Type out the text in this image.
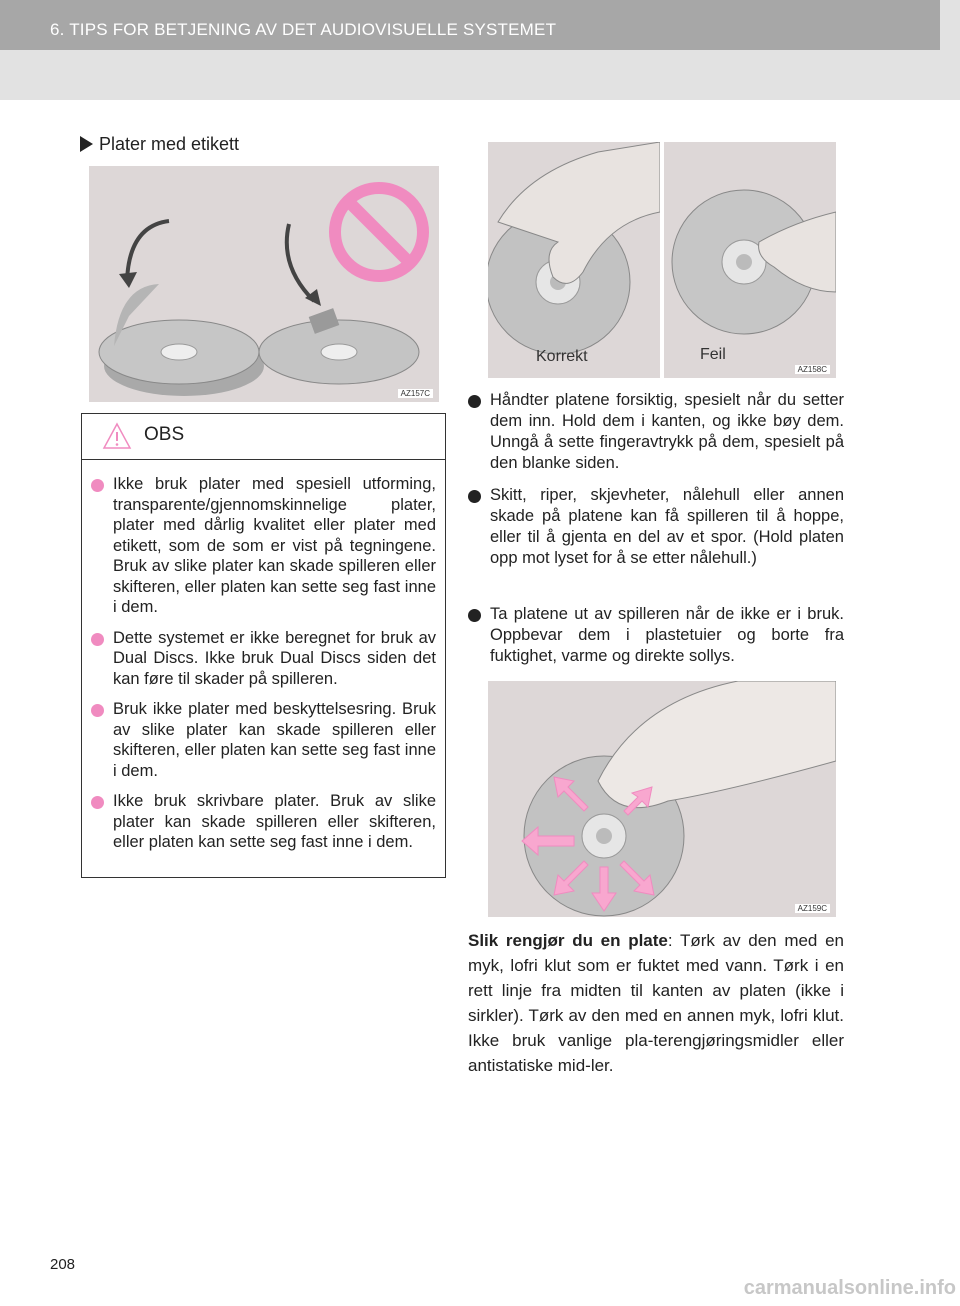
6. TIPS FOR BETJENING AV DET AUDIOVISUELLE SYSTEMET
Plater med etikett
AZ157C
OBS
Ikke bruk plater med spesiell utforming, transparente/gjennomskinnelige plater, plater med dårlig kvalitet eller plater med etikett, som de som er vist på tegningene. Bruk av slike plater kan skade spilleren eller skifteren, eller platen kan sette seg fast inne i dem.
Dette systemet er ikke beregnet for bruk av Dual Discs. Ikke bruk Dual Discs siden det kan føre til skader på spilleren.
Bruk ikke plater med beskyttelsesring. Bruk av slike plater kan skade spilleren eller skifteren, eller platen kan sette seg fast inne i dem.
Ikke bruk skrivbare plater. Bruk av slike plater kan skade spilleren eller skifteren, eller platen kan sette seg fast inne i dem.
Korrekt	Feil
AZ158C
Håndter platene forsiktig, spesielt når du setter dem inn. Hold dem i kanten, og ikke bøy dem. Unngå å sette fingeravtrykk på dem, spesielt på den blanke siden.
Skitt, riper, skjevheter, nålehull eller annen skade på platene kan få spilleren til å hoppe, eller til å gjenta en del av et spor. (Hold platen opp mot lyset for å se etter nålehull.)
Ta platene ut av spilleren når de ikke er i bruk. Oppbevar dem i plastetuier og borte fra fuktighet, varme og direkte sollys.
AZ159C
Slik rengjør du en plate: Tørk av den med en myk, lofri klut som er fuktet med vann. Tørk i en rett linje fra midten til kanten av platen (ikke i sirkler). Tørk av den med en annen myk, lofri klut. Ikke bruk vanlige pla-terengjøringsmidler eller antistatiske mid-ler.
208
carmanualsonline.info
